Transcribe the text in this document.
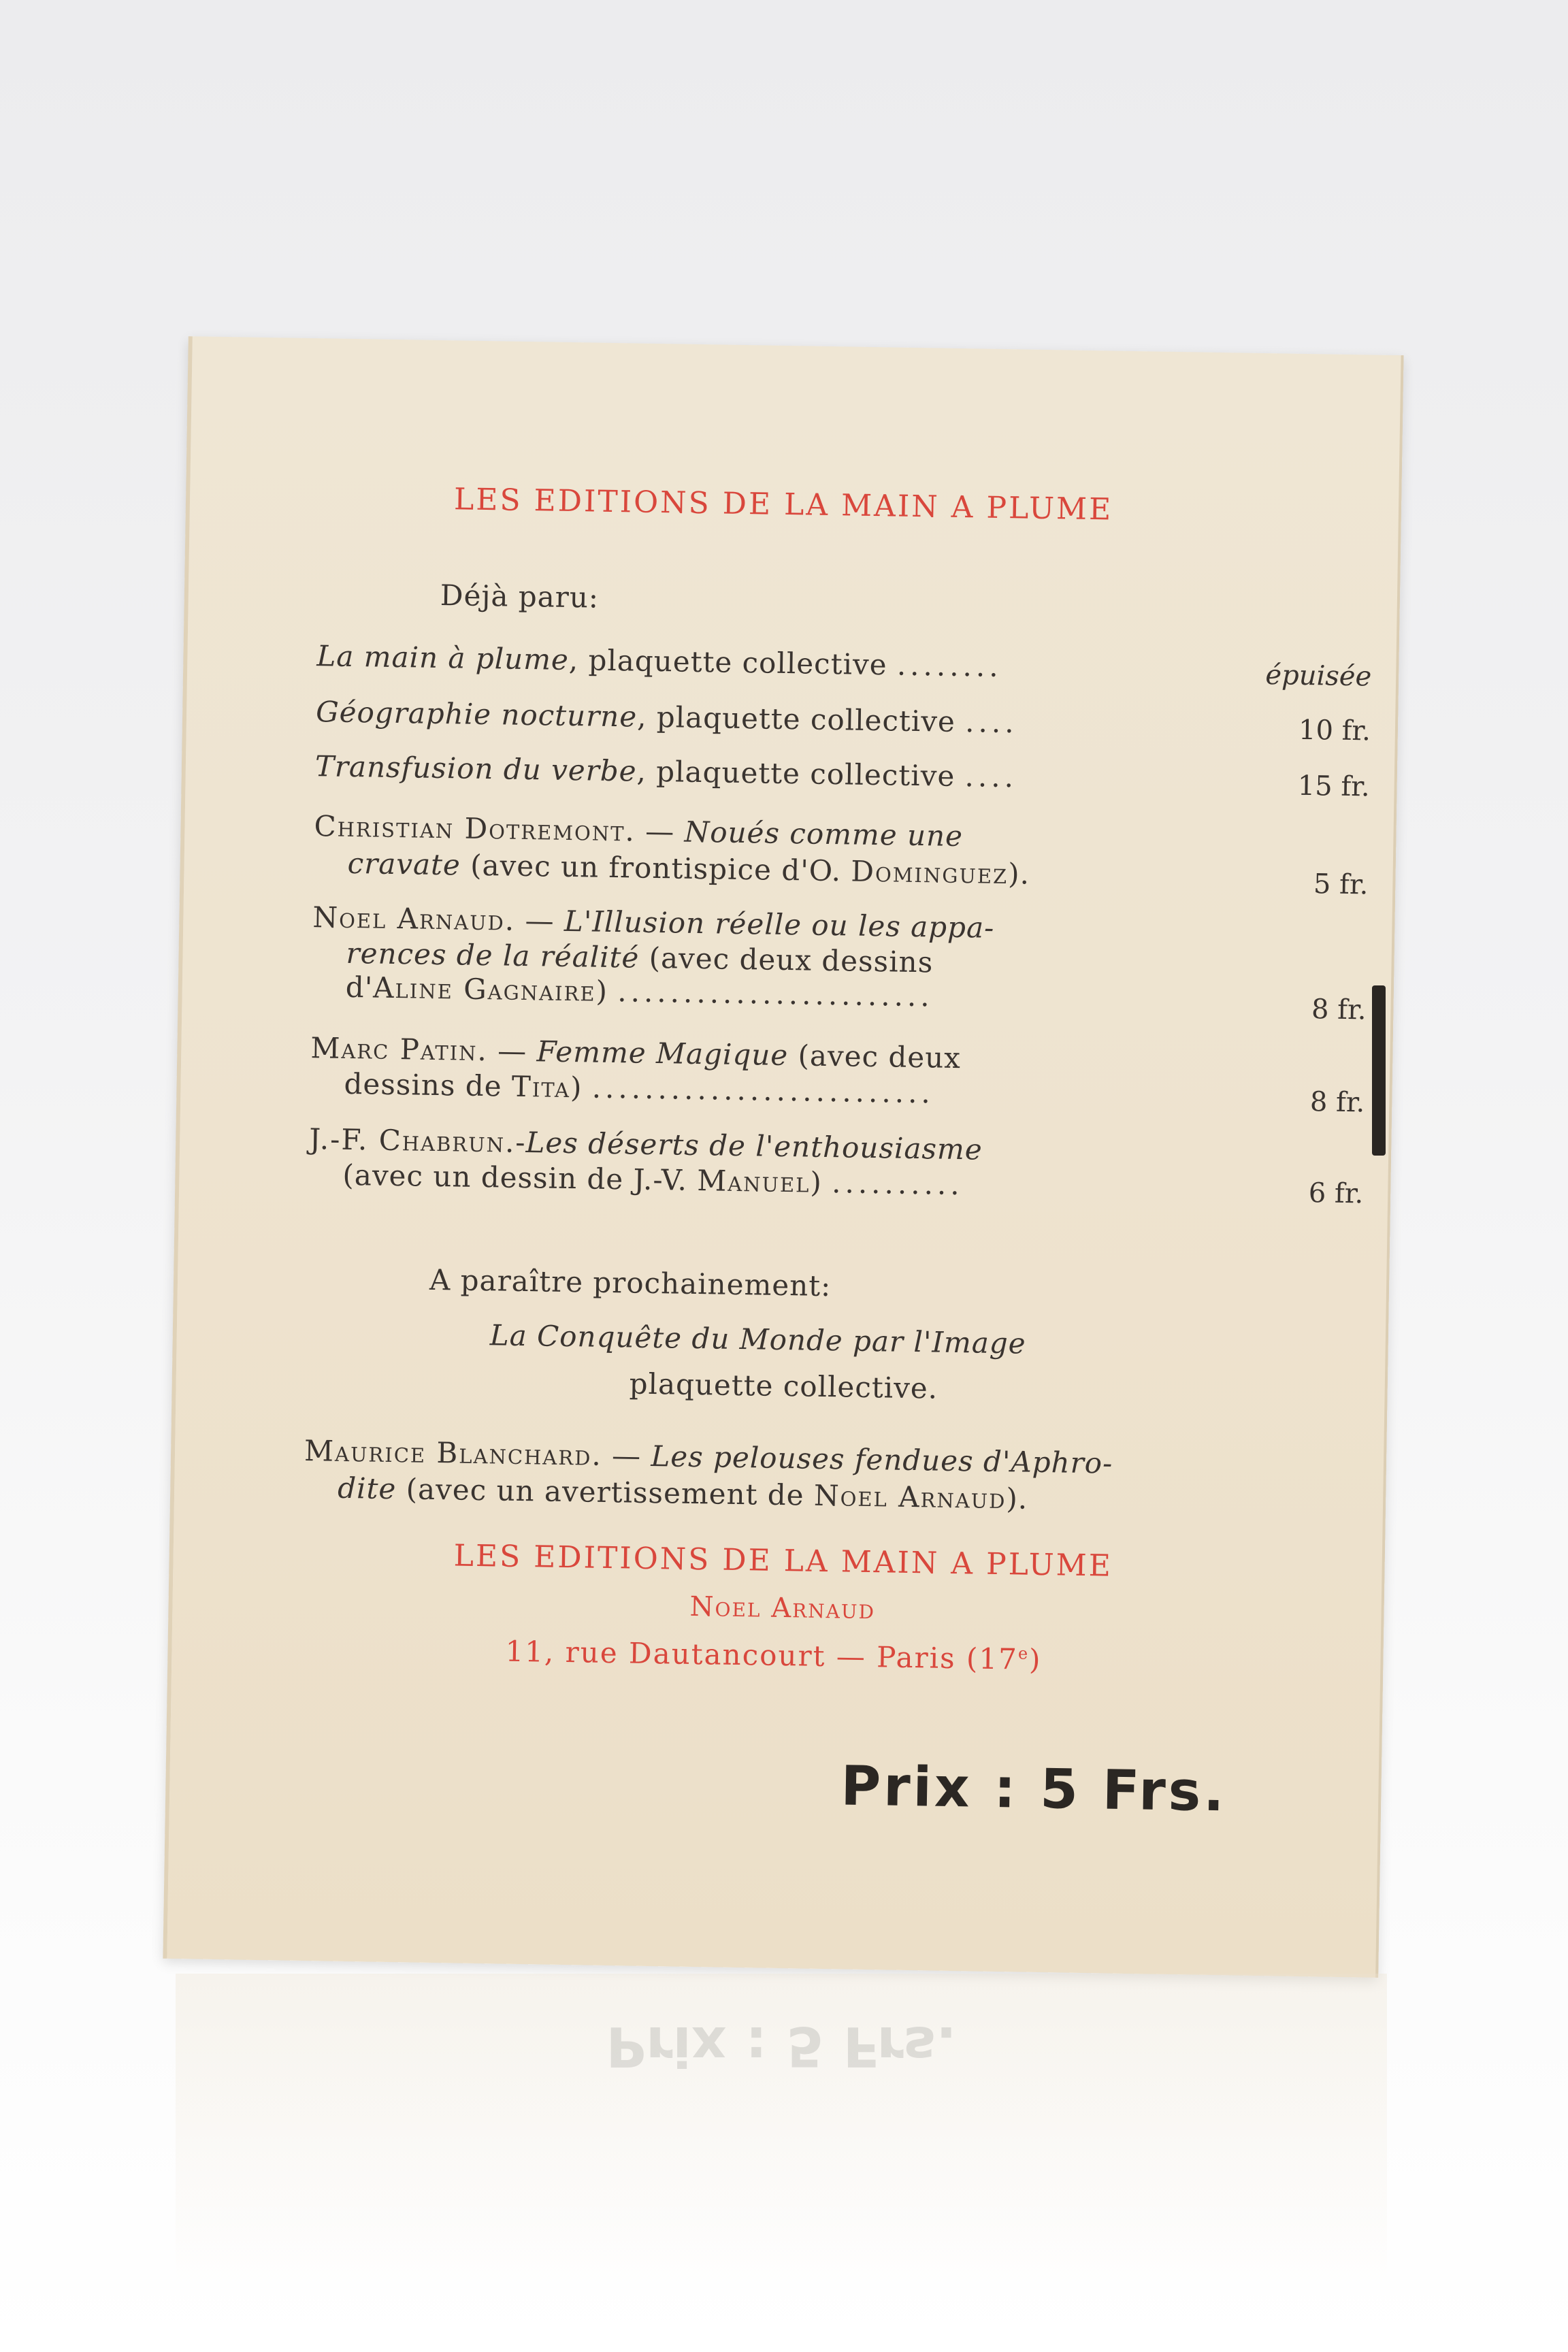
LES EDITIONS DE LA MAIN A PLUME
Déjà paru:
La main à plume, plaquette collective ........	épuisée
Géographie nocturne, plaquette collective ....	10 fr.
Transfusion du verbe, plaquette collective ....	15 fr.
Christian Dotremont. — Noués comme une
cravate (avec un frontispice d'O. Dominguez).	5 fr.
Noel Arnaud. — L'Illusion réelle ou les appa-
rences de la réalité (avec deux dessins
d'Aline Gagnaire) ........................	8 fr.
Marc Patin. — Femme Magique (avec deux
dessins de Tita) ..........................	8 fr.
J.-F. Chabrun.-Les déserts de l'enthousiasme
(avec un dessin de J.-V. Manuel) ..........	6 fr.
A paraître prochainement:
La Conquête du Monde par l'Image
plaquette collective.
Maurice Blanchard. — Les pelouses fendues d'Aphro-
dite (avec un avertissement de Noel Arnaud).
LES EDITIONS DE LA MAIN A PLUME
Noel Arnaud
11, rue Dautancourt — Paris (17e)
Prix : 5 Frs.
Prix : 5 Frs.
